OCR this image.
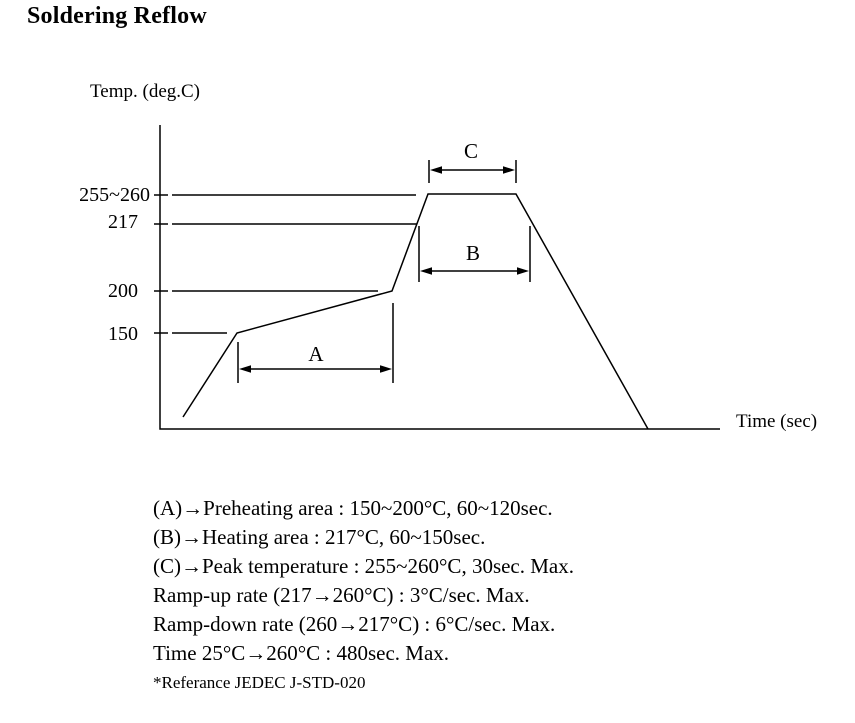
Soldering Reflow
Temp. (deg.C)
Time (sec)
255~260
217
200
150
A
B
C
(A)→Preheating area : 150~200°C, 60~120sec.
(B)→Heating area : 217°C, 60~150sec.
(C)→Peak temperature : 255~260°C, 30sec. Max.
Ramp-up rate (217→260°C) : 3°C/sec. Max.
Ramp-down rate (260→217°C) : 6°C/sec. Max.
Time 25°C→260°C : 480sec. Max.
*Referance JEDEC J-STD-020
